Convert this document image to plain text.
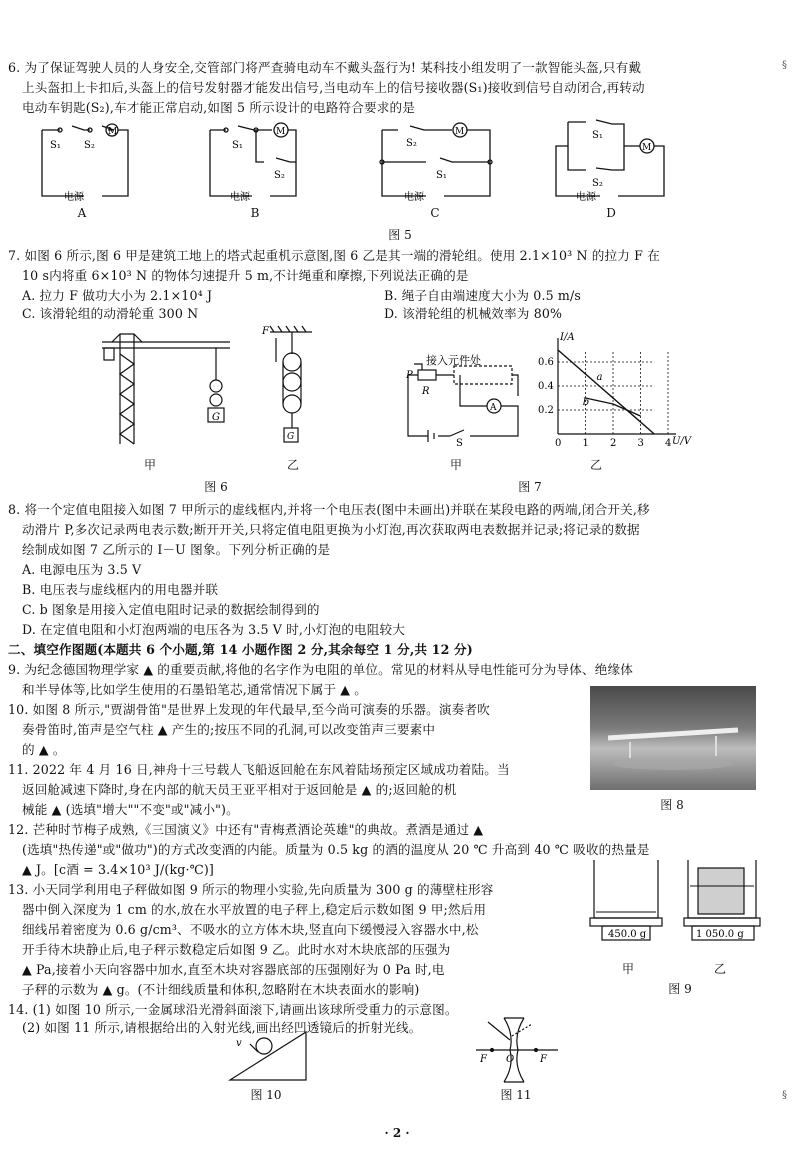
6. 为了保证驾驶人员的人身安全,交管部门将严查骑电动车不戴头盔行为! 某科技小组发明了一款智能头盔,只有戴
上头盔扣上卡扣后,头盔上的信号发射器才能发出信号,当电动车上的信号接收器(S₁)接收到信号自动闭合,再转动
电动车钥匙(S₂),车才能正常启动,如图 5 所示设计的电路符合要求的是
S₁ S₂
M
电源
S₁
M
S₂
电源
S₂
M
S₁
电源
S₁
M
S₂
电源
A	B	C	D
图 5
7. 如图 6 所示,图 6 甲是建筑工地上的塔式起重机示意图,图 6 乙是其一端的滑轮组。使用 2.1×10³ N 的拉力 F 在
10 s内将重 6×10³ N 的物体匀速提升 5 m,不计绳重和摩擦,下列说法正确的是
A. 拉力 F 做功大小为 2.1×10⁴ J	B. 绳子自由端速度大小为 0.5 m/s
C. 该滑轮组的动滑轮重 300 N	D. 该滑轮组的机械效率为 80%
G
F
G
甲	乙
图 6
接入元件处
P
R
A
S
甲
0.6
0.4
0.2
0 1 2 3 4
I/A
U/V
a
b
乙
图 7
8. 将一个定值电阻接入如图 7 甲所示的虚线框内,并将一个电压表(图中未画出)并联在某段电路的两端,闭合开关,移
动滑片 P,多次记录两电表示数;断开开关,只将定值电阻更换为小灯泡,再次获取两电表数据并记录;将记录的数据
绘制成如图 7 乙所示的 I－U 图象。下列分析正确的是
A. 电源电压为 3.5 V
B. 电压表与虚线框内的用电器并联
C. b 图象是用接入定值电阻时记录的数据绘制得到的
D. 在定值电阻和小灯泡两端的电压各为 3.5 V 时,小灯泡的电阻较大
二、填空作图题(本题共 6 个小题,第 14 小题作图 2 分,其余每空 1 分,共 12 分)
9. 为纪念德国物理学家 ▲ 的重要贡献,将他的名字作为电阻的单位。常见的材料从导电性能可分为导体、绝缘体
和半导体等,比如学生使用的石墨铅笔芯,通常情况下属于 ▲ 。
10. 如图 8 所示,"贾湖骨笛"是世界上发现的年代最早,至今尚可演奏的乐器。演奏者吹
奏骨笛时,笛声是空气柱 ▲ 产生的;按压不同的孔洞,可以改变笛声三要素中
的 ▲ 。
图 8
11. 2022 年 4 月 16 日,神舟十三号载人飞船返回舱在东风着陆场预定区域成功着陆。当
返回舱减速下降时,身在内部的航天员王亚平相对于返回舱是 ▲ 的;返回舱的机
械能 ▲ (选填"增大""不变"或"减小")。
12. 芒种时节梅子成熟,《三国演义》中还有"青梅煮酒论英雄"的典故。煮酒是通过 ▲
(选填"热传递"或"做功")的方式改变酒的内能。质量为 0.5 kg 的酒的温度从 20 ℃ 升高到 40 ℃ 吸收的热量是
▲ J。[c酒 = 3.4×10³ J/(kg·℃)]
13. 小天同学利用电子秤做如图 9 所示的物理小实验,先向质量为 300 g 的薄壁柱形容
器中倒入深度为 1 cm 的水,放在水平放置的电子秤上,稳定后示数如图 9 甲;然后用
细线吊着密度为 0.6 g/cm³、不吸水的立方体木块,竖直向下缓慢浸入容器水中,松
开手待木块静止后,电子秤示数稳定后如图 9 乙。此时水对木块底部的压强为
▲ Pa,接着小天向容器中加水,直至木块对容器底部的压强刚好为 0 Pa 时,电
子秤的示数为 ▲ g。(不计细线质量和体积,忽略附在木块表面水的影响)
450.0 g	1 050.0 g
甲	乙
图 9
14. (1) 如图 10 所示,一金属球沿光滑斜面滚下,请画出该球所受重力的示意图。
(2) 如图 11 所示,请根据给出的入射光线,画出经凹透镜后的折射光线。
v
图 10
F O	F
图 11
· 2 ·
§
§
